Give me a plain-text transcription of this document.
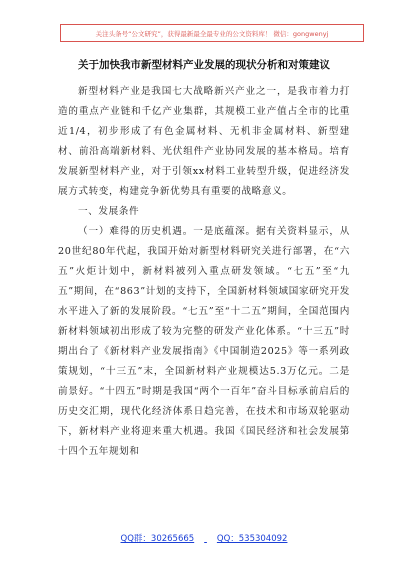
关注头条号“公文研究”，获得最新最全最专业的公文资料库！ 微信：gongwenyj
关于加快我市新型材料产业发展的现状分析和对策建议

新型材料产业是我国七大战略新兴产业之一，是我市着力打造的重点产业链和千亿产业集群，其规模工业产值占全市的比重近1/4，初步形成了有色金属材料、无机非金属材料、新型建材、前沿高端新材料、光伏组件产业协同发展的基本格局。培育发展新型材料产业，对于引领xx材料工业转型升级，促进经济发展方式转变，构建竞争新优势具有重要的战略意义。

一、发展条件

（一）难得的历史机遇。一是底蕴深。据有关资料显示，从20世纪80年代起，我国开始对新型材料研究关进行部署，在“六五”火炬计划中，新材料被列入重点研发领域。“七五”至“九五”期间，在“863”计划的支持下，全国新材料领域国家研究开发水平进入了新的发展阶段。“七五”至“十二五”期间，全国范围内新材料领域初出形成了较为完整的研发产业化体系。“十三五”时期出台了《新材料产业发展指南》《中国制造2025》等一系列政策规划，“十三五”末，全国新材料产业规模达5.3万亿元。二是前景好。“十四五”时期是我国“两个一百年”奋斗目标承前启后的历史交汇期，现代化经济体系日趋完善，在技术和市场双轮驱动下，新材料产业将迎来重大机遇。我国《国民经济和社会发展第十四个五年规划和

QQ群：30265665	QQ：535304092
